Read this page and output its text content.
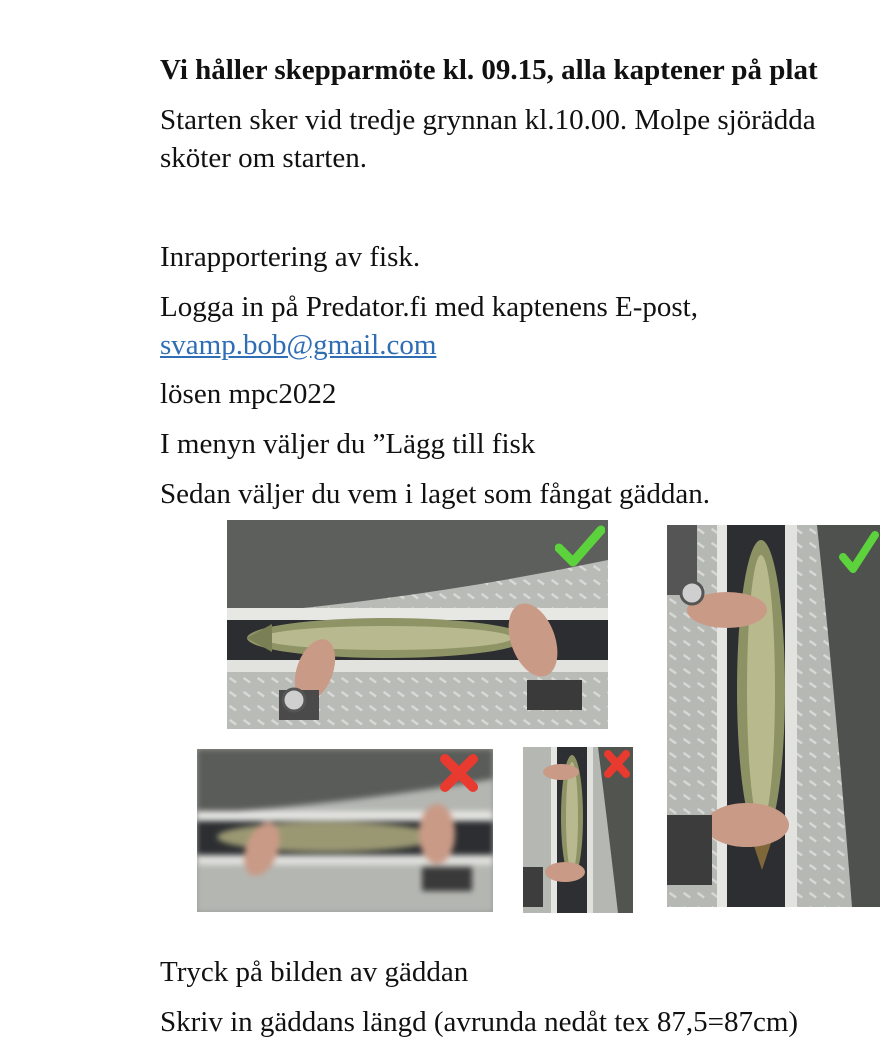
Vi håller skepparmöte kl. 09.15, alla kaptener på plat
Starten sker vid tredje grynnan kl.10.00. Molpe sjörädda
sköter om starten.
Inrapportering av fisk.
Logga in på Predator.fi med kaptenens E-post,
svamp.bob@gmail.com
lösen mpc2022
I menyn väljer du ”Lägg till fisk
Sedan väljer du vem i laget som fångat gäddan.
Tryck på bilden av gäddan
Skriv in gäddans längd (avrunda nedåt tex 87,5=87cm)
